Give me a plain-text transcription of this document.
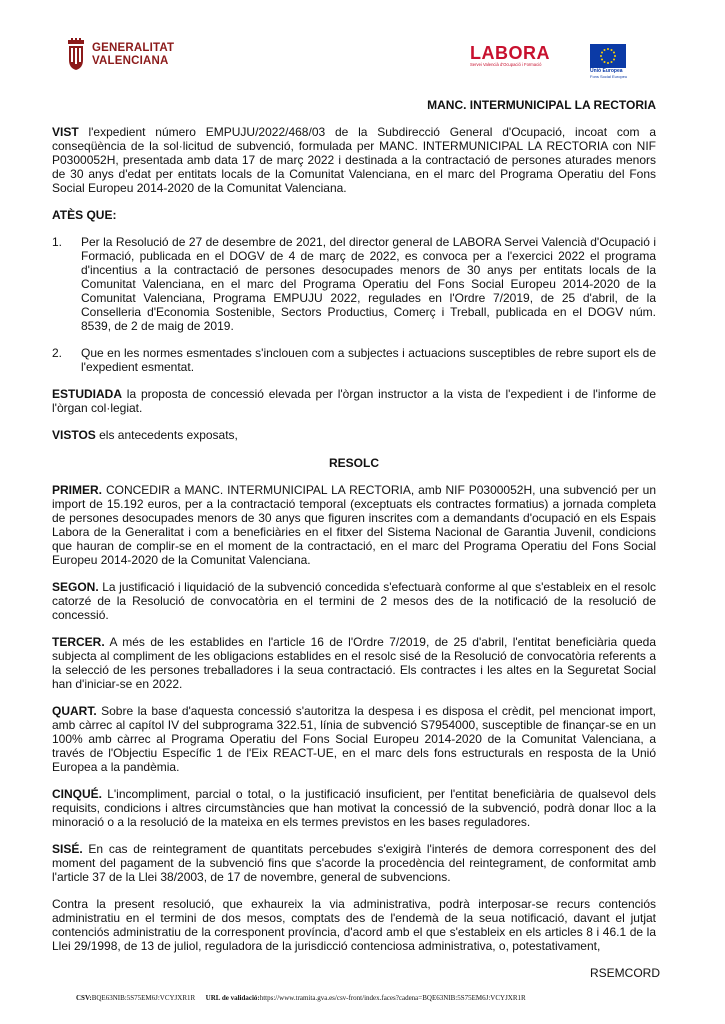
GENERALITAT
VALENCIANA	LABORA
Servei Valencià d'Ocupació i Formació
Unió Europea
Fons Social Europeu
MANC. INTERMUNICIPAL LA RECTORIA

VIST l'expedient número EMPUJU/2022/468/03 de la Subdirecció General d'Ocupació, incoat com a conseqüència de la sol·licitud de subvenció, formulada per MANC. INTERMUNICIPAL LA RECTORIA con NIF P0300052H, presentada amb data 17 de març 2022 i destinada a la contractació de persones aturades menors de 30 anys d'edat per entitats locals de la Comunitat Valenciana, en el marc del Programa Operatiu del Fons Social Europeu 2014-2020 de la Comunitat Valenciana.

ATÈS QUE:
1. Per la Resolució de 27 de desembre de 2021, del director general de LABORA Servei Valencià d'Ocupació i Formació, publicada en el DOGV de 4 de març de 2022, es convoca per a l'exercici 2022 el programa d'incentius a la contractació de persones desocupades menors de 30 anys per entitats locals de la Comunitat Valenciana, en el marc del Programa Operatiu del Fons Social Europeu 2014-2020 de la Comunitat Valenciana, Programa EMPUJU 2022, regulades en l'Ordre 7/2019, de 25 d'abril, de la Conselleria d'Economia Sostenible, Sectors Productius, Comerç i Treball, publicada en el DOGV núm. 8539, de 2 de maig de 2019.
2. Que en les normes esmentades s'inclouen com a subjectes i actuacions susceptibles de rebre suport els de l'expedient esmentat.

ESTUDIADA la proposta de concessió elevada per l'òrgan instructor a la vista de l'expedient i de l'informe de l'òrgan col·legiat.

VISTOS els antecedents exposats,

RESOLC

PRIMER. CONCEDIR a MANC. INTERMUNICIPAL LA RECTORIA, amb NIF P0300052H, una subvenció per un import de 15.192 euros, per a la contractació temporal (exceptuats els contractes formatius) a jornada completa de persones desocupades menors de 30 anys que figuren inscrites com a demandants d'ocupació en els Espais Labora de la Generalitat i com a beneficiàries en el fitxer del Sistema Nacional de Garantia Juvenil, condicions que hauran de complir-se en el moment de la contractació, en el marc del Programa Operatiu del Fons Social Europeu 2014-2020 de la Comunitat Valenciana.

SEGON. La justificació i liquidació de la subvenció concedida s'efectuarà conforme al que s'estableix en el resolc catorzé de la Resolució de convocatòria en el termini de 2 mesos des de la notificació de la resolució de concessió.

TERCER. A més de les establides en l'article 16 de l'Ordre 7/2019, de 25 d'abril, l'entitat beneficiària queda subjecta al compliment de les obligacions establides en el resolc sisé de la Resolució de convocatòria referents a la selecció de les persones treballadores i la seua contractació. Els contractes i les altes en la Seguretat Social han d'iniciar-se en 2022.

QUART. Sobre la base d'aquesta concessió s'autoritza la despesa i es disposa el crèdit, pel mencionat import, amb càrrec al capítol IV del subprograma 322.51, línia de subvenció S7954000, susceptible de finançar-se en un 100% amb càrrec al Programa Operatiu del Fons Social Europeu 2014-2020 de la Comunitat Valenciana, a través de l'Objectiu Específic 1 de l'Eix REACT-UE, en el marc dels fons estructurals en resposta de la Unió Europea a la pandèmia.

CINQUÉ. L'incompliment, parcial o total, o la justificació insuficient, per l'entitat beneficiària de qualsevol dels requisits, condicions i altres circumstàncies que han motivat la concessió de la subvenció, podrà donar lloc a la minoració o a la resolució de la mateixa en els termes previstos en les bases reguladores.

SISÉ. En cas de reintegrament de quantitats percebudes s'exigirà l'interés de demora corresponent des del moment del pagament de la subvenció fins que s'acorde la procedència del reintegrament, de conformitat amb l'article 37 de la Llei 38/2003, de 17 de novembre, general de subvencions.

Contra la present resolució, que exhaureix la via administrativa, podrà interposar-se recurs contenciós administratiu en el termini de dos mesos, comptats des de l'endemà de la seua notificació, davant el jutjat contenciós administratiu de la corresponent província, d'acord amb el que s'estableix en els articles 8 i 46.1 de la Llei 29/1998, de 13 de juliol, reguladora de la jurisdicció contenciosa administrativa, o, potestativament,

RSEMCORD
CSV:BQE63NIB:5S75EM6J:VCYJXR1R URL de validació:https://www.tramita.gva.es/csv-front/index.faces?cadena=BQE63NIB:5S75EM6J:VCYJXR1R
